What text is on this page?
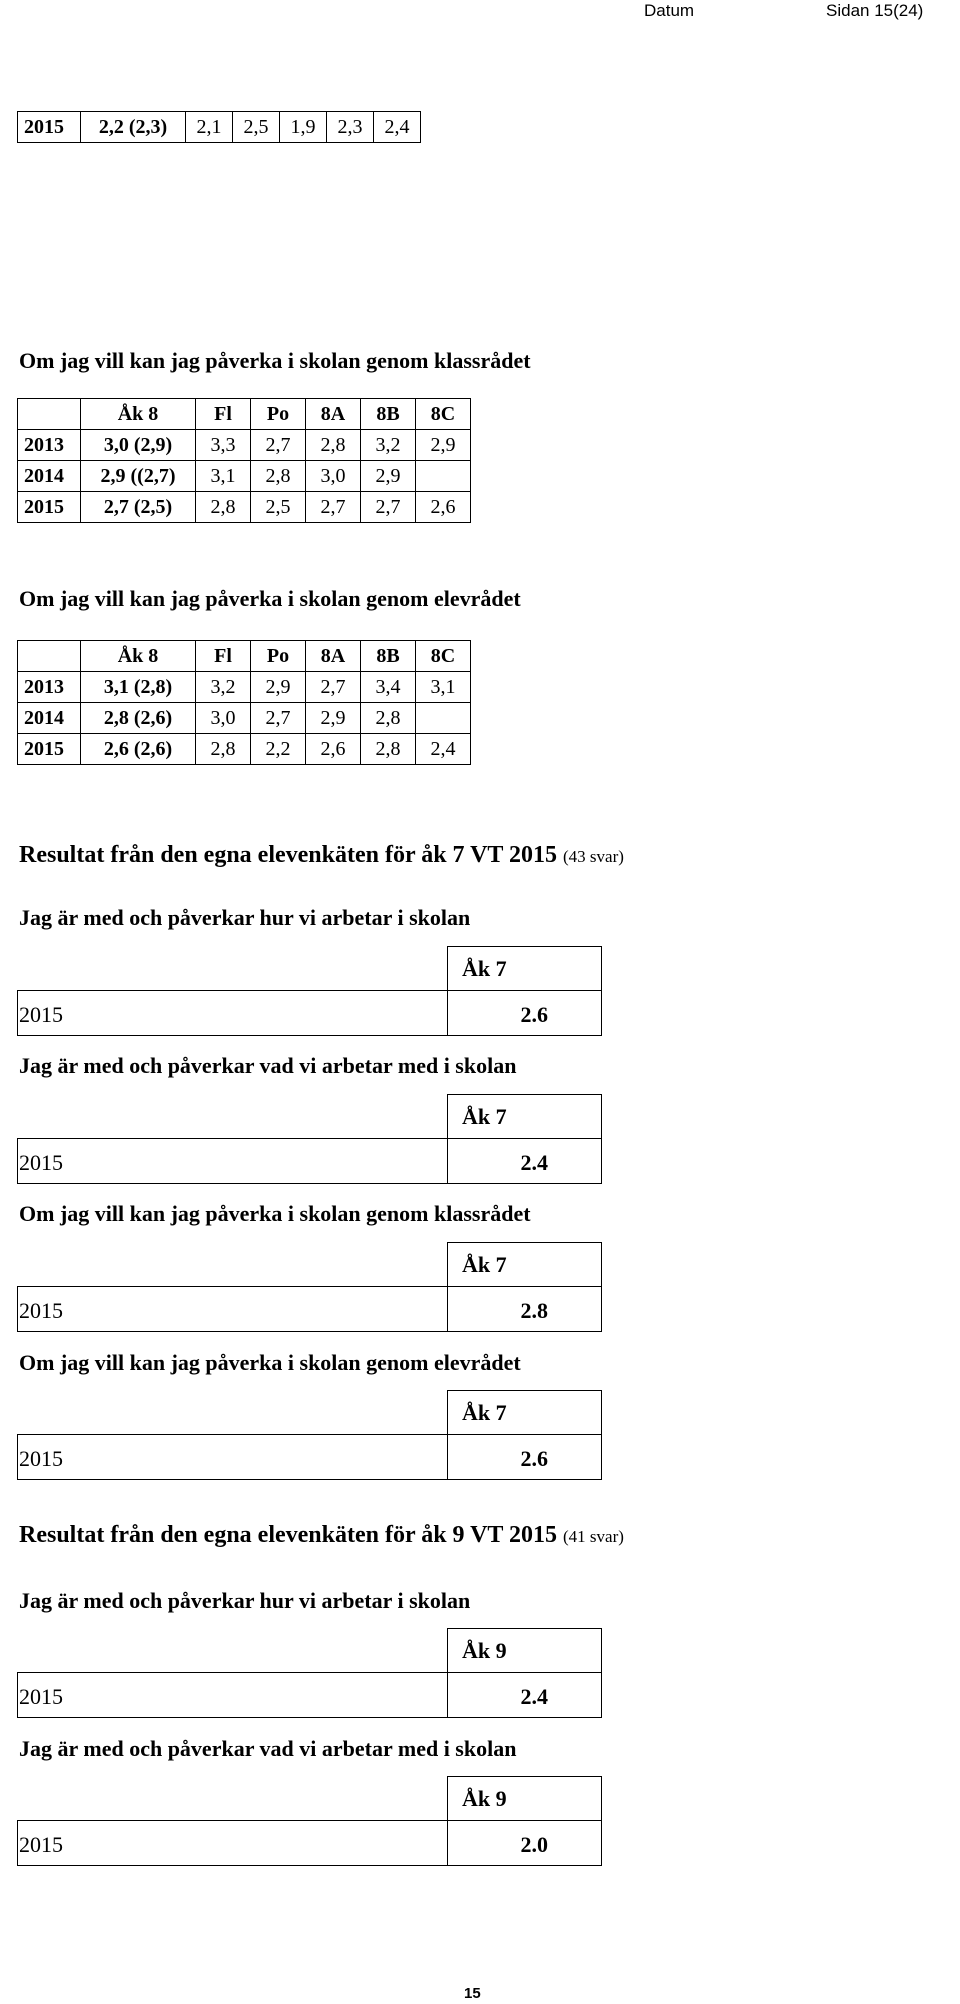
Datum	Sidan 15(24)
2015	2,2 (2,3)	2,1	2,5	1,9	2,3	2,4
Om jag vill kan jag påverka i skolan genom klassrådet
	Åk 8	Fl	Po	8A	8B	8C
2013	3,0 (2,9)	3,3	2,7	2,8	3,2	2,9
2014	2,9 ((2,7)	3,1	2,8	3,0	2,9	
2015	2,7 (2,5)	2,8	2,5	2,7	2,7	2,6
Om jag vill kan jag påverka i skolan genom elevrådet
	Åk 8	Fl	Po	8A	8B	8C
2013	3,1 (2,8)	3,2	2,9	2,7	3,4	3,1
2014	2,8 (2,6)	3,0	2,7	2,9	2,8	
2015	2,6 (2,6)	2,8	2,2	2,6	2,8	2,4
Resultat från den egna elevenkäten för åk 7 VT 2015 (43 svar)
Jag är med och påverkar hur vi arbetar i skolan
Åk 7
2015	2.6
Jag är med och påverkar vad vi arbetar med i skolan
Åk 7
2015	2.4
Om jag vill kan jag påverka i skolan genom klassrådet
Åk 7
2015	2.8
Om jag vill kan jag påverka i skolan genom elevrådet
Åk 7
2015	2.6
Resultat från den egna elevenkäten för åk 9 VT 2015 (41 svar)
Jag är med och påverkar hur vi arbetar i skolan
Åk 9
2015	2.4
Jag är med och påverkar vad vi arbetar med i skolan
Åk 9
2015	2.0
15
